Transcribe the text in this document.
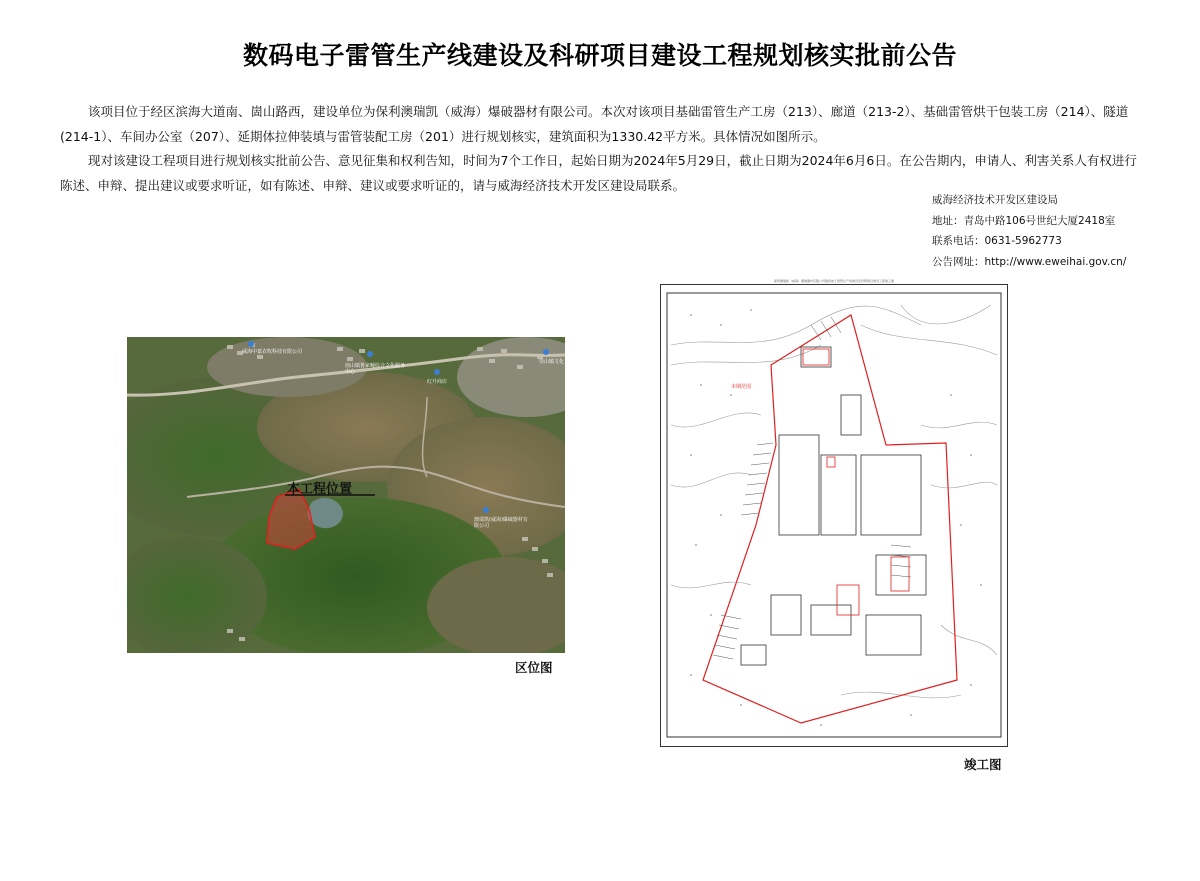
数码电子雷管生产线建设及科研项目建设工程规划核实批前公告

该项目位于经区滨海大道南、崮山路西，建设单位为保利澳瑞凯（威海）爆破器材有限公司。本次对该项目基础雷管生产工房（213）、廊道（213-2）、基础雷管烘干包装工房（214）、隧道(214-1）、车间办公室（207）、延期体拉伸装填与雷管装配工房（201）进行规划核实，建筑面积为1330.42平方米。具体情况如图所示。

现对该建设工程项目进行规划核实批前公告、意见征集和权利告知，时间为7个工作日，起始日期为2024年5月29日，截止日期为2024年6月6日。在公告期内，申请人、利害关系人有权进行陈述、申辩、提出建议或要求听证，如有陈述、申辩、建议或要求听证的，请与威海经济技术开发区建设局联系。

威海经济技术开发区建设局
地址：青岛中路106号世纪大厦2418室
联系电话：0631-5962773
公告网址：http://www.eweihai.gov.cn/
本工程位置
威海中嘉农牧科技有限公司
崮山镇鲁家疃综合文化服务中心
红升商店
崇山镇文化
澳瑞凯(威海)爆破器材有限公司
区位图
保利澳瑞凯（威海）爆破器材有限公司数码电子雷管生产线建设及科研项目建设工程竣工图
本期范围
竣工图
